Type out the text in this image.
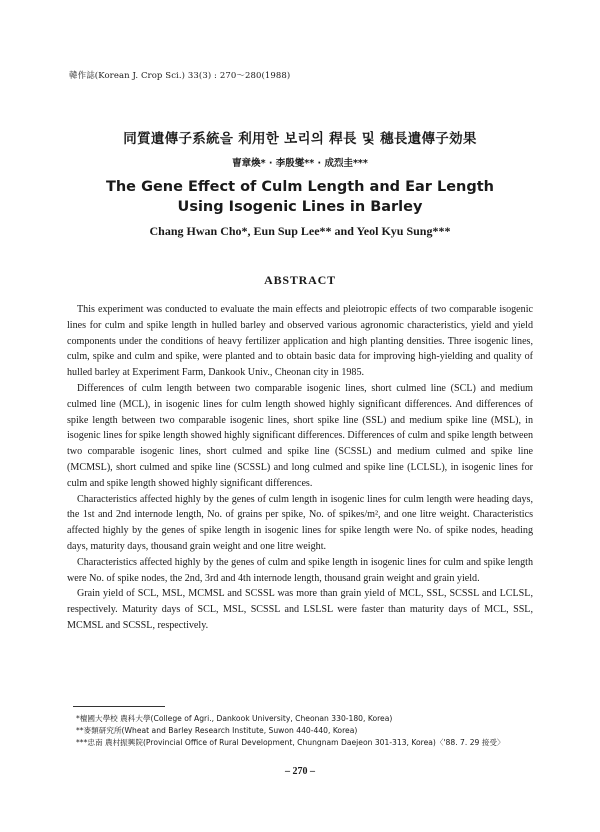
韓作誌(Korean J. Crop Sci.) 33(3) : 270～280(1988)
同質遺傳子系統을 利用한 보리의 稈長 및 穗長遺傳子効果
曺章煥* · 李殷燮** · 成烈圭***
The Gene Effect of Culm Length and Ear Length
Using Isogenic Lines in Barley
Chang Hwan Cho*, Eun Sup Lee** and Yeol Kyu Sung***
ABSTRACT

This experiment was conducted to evaluate the main effects and pleiotropic effects of two comparable isogenic lines for culm and spike length in hulled barley and observed various agronomic characteristics, yield and yield components under the conditions of heavy fertilizer application and high planting densities. Three isogenic lines, culm, spike and culm and spike, were planted and to obtain basic data for improving high-yielding and quality of hulled barley at Experiment Farm, Dankook Univ., Cheonan city in 1985.

Differences of culm length between two comparable isogenic lines, short culmed line (SCL) and medium culmed line (MCL), in isogenic lines for culm length showed highly significant differences. And differences of spike length between two comparable isogenic lines, short spike line (SSL) and medium spike line (MSL), in isogenic lines for spike length showed highly significant differences. Differences of culm and spike length between two comparable isogenic lines, short culmed and spike line (SCSSL) and medium culmed and spike line (MCMSL), short culmed and spike line (SCSSL) and long culmed and spike line (LCLSL), in isogenic lines for culm and spike length showed highly significant differences.

Characteristics affected highly by the genes of culm length in isogenic lines for culm length were heading days, the 1st and 2nd internode length, No. of grains per spike, No. of spikes/m², and one litre weight. Characteristics affected highly by the genes of spike length in isogenic lines for spike length were No. of spike nodes, heading days, maturity days, thousand grain weight and one litre weight.

Characteristics affected highly by the genes of culm and spike length in isogenic lines for culm and spike length were No. of spike nodes, the 2nd, 3rd and 4th internode length, thousand grain weight and grain yield.

Grain yield of SCL, MSL, MCMSL and SCSSL was more than grain yield of MCL, SSL, SCSSL and LCLSL, respectively. Maturity days of SCL, MSL, SCSSL and LSLSL were faster than maturity days of MCL, SSL, MCMSL and SCSSL, respectively.

*檀國大學校 農科大學(College of Agri., Dankook University, Cheonan 330-180, Korea)
**麥類研究所(Wheat and Barley Research Institute, Suwon 440-440, Korea)
***忠南 農村振興院(Provincial Office of Rural Development, Chungnam Daejeon 301-313, Korea)〈'88. 7. 29 接受〉
– 270 –
